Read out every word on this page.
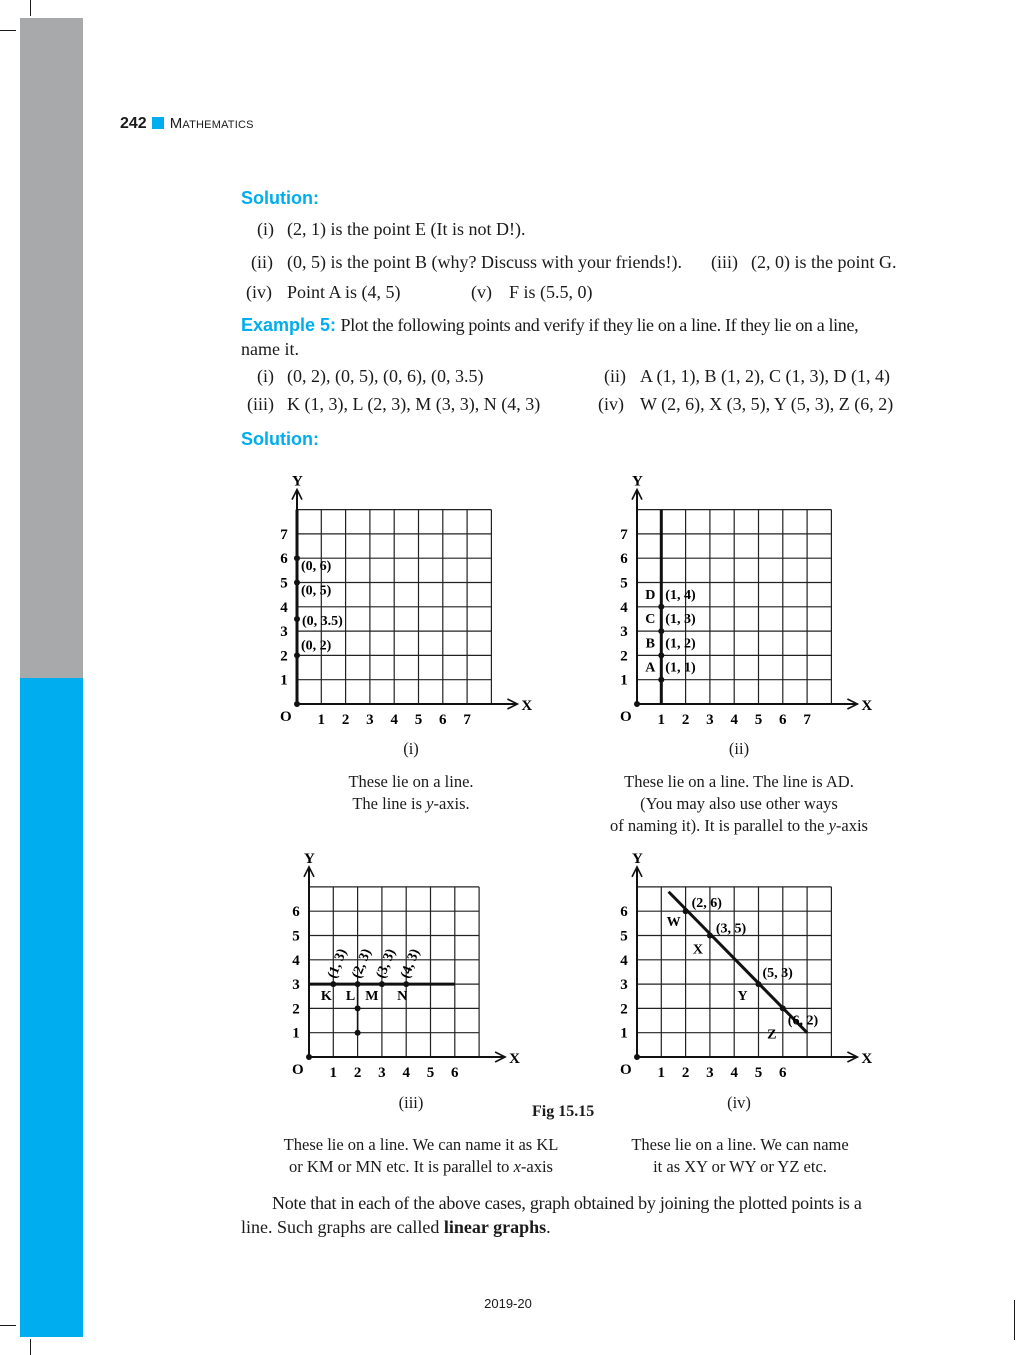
242 Mathematics
Solution:
(i) (2, 1) is the point E (It is not D!).
(ii) (0, 5) is the point B (why? Discuss with your friends!). (iii) (2, 0) is the point G.
(iv) Point A is (4, 5)	(v) F is (5.5, 0)
Example 5: Plot the following points and verify if they lie on a line. If they lie on a line,
name it.
(i) (0, 2), (0, 5), (0, 6), (0, 3.5)	(ii) A (1, 1), B (1, 2), C (1, 3), D (1, 4)
(iii) K (1, 3), L (2, 3), M (3, 3), N (4, 3)	(iv) W (2, 6), X (3, 5), Y (5, 3), Z (6, 2)
Solution:
X
Y
O 1 2 3 4 5 6 7
1
2
3
4
5
6
7
(0, 2)
(0, 5)
(0, 6)
(0, 3.5)
X
Y
O 1 2 3 4 5 6 7
1
2
3
4
5
6
7
(1, 1)
A
(1, 2)
B
(1, 3)
C
(1, 4)
D
X
Y
O 1 2 3 4 5 6
1
2
3
4
5
6
(1, 3)
K
(2, 3)
L
(3, 3)
M
(4, 3)
N
X
Y
O 1 2 3 4 5 6
1
2
3
4
5
6
(2, 6)
W	(3, 5)
X
(5, 3)
Y
(6, 2)
Z
(i)	(ii)
(iii)	(iv)
Fig 15.15
These lie on a line.
The line is y-axis.
These lie on a line. The line is AD.
(You may also use other ways
of naming it). It is parallel to the y-axis
These lie on a line. We can name it as KL
or KM or MN etc. It is parallel to x-axis
These lie on a line. We can name
it as XY or WY or YZ etc.
Note that in each of the above cases, graph obtained by joining the plotted points is a
line. Such graphs are called linear graphs.
2019-20
